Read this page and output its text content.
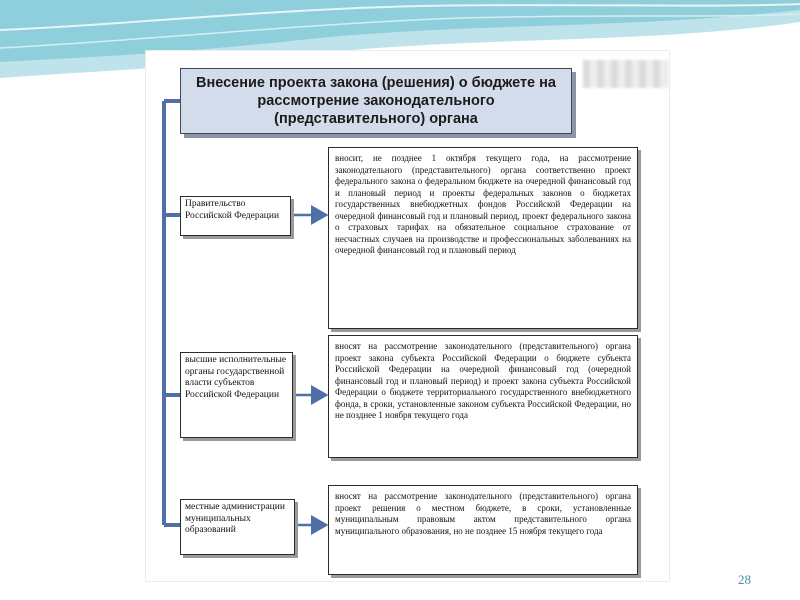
Внесение проекта закона (решения) о бюджете на рассмотрение законодательного (представительного) органа
Правительство Российской Федерации
вносит, не позднее 1 октября текущего года, на рассмотрение законодательного (представительного) органа соответственно проект федерального закона о федеральном бюджете на очередной финансовый год и плановый период и проекты федеральных законов о бюджетах государственных внебюджетных фондов Российской Федерации на очередной финансовый год и плановый период, проект федерального закона о страховых тарифах на обязательное социальное страхование от несчастных случаев на производстве и профессиональных заболеваниях на очередной финансовый год и плановый период
высшие исполнительные органы государственной власти субъектов Российской Федерации
вносят на рассмотрение законодательного (представительного) органа проект закона субъекта Российской Федерации о бюджете субъекта Российской Федерации на очередной финансовый год (очередной финансовый год и плановый период) и проект закона субъекта Российской Федерации о бюджете территориального государственного внебюджетного фонда, в сроки, установленные законом субъекта Российской Федерации, но не позднее 1 ноября текущего года
местные администрации муниципальных образований
вносят на рассмотрение законодательного (представительного) органа проект решения о местном бюджете, в сроки, установленные муниципальным правовым актом представительного органа муниципального образования, но не позднее 15 ноября текущего года
28
